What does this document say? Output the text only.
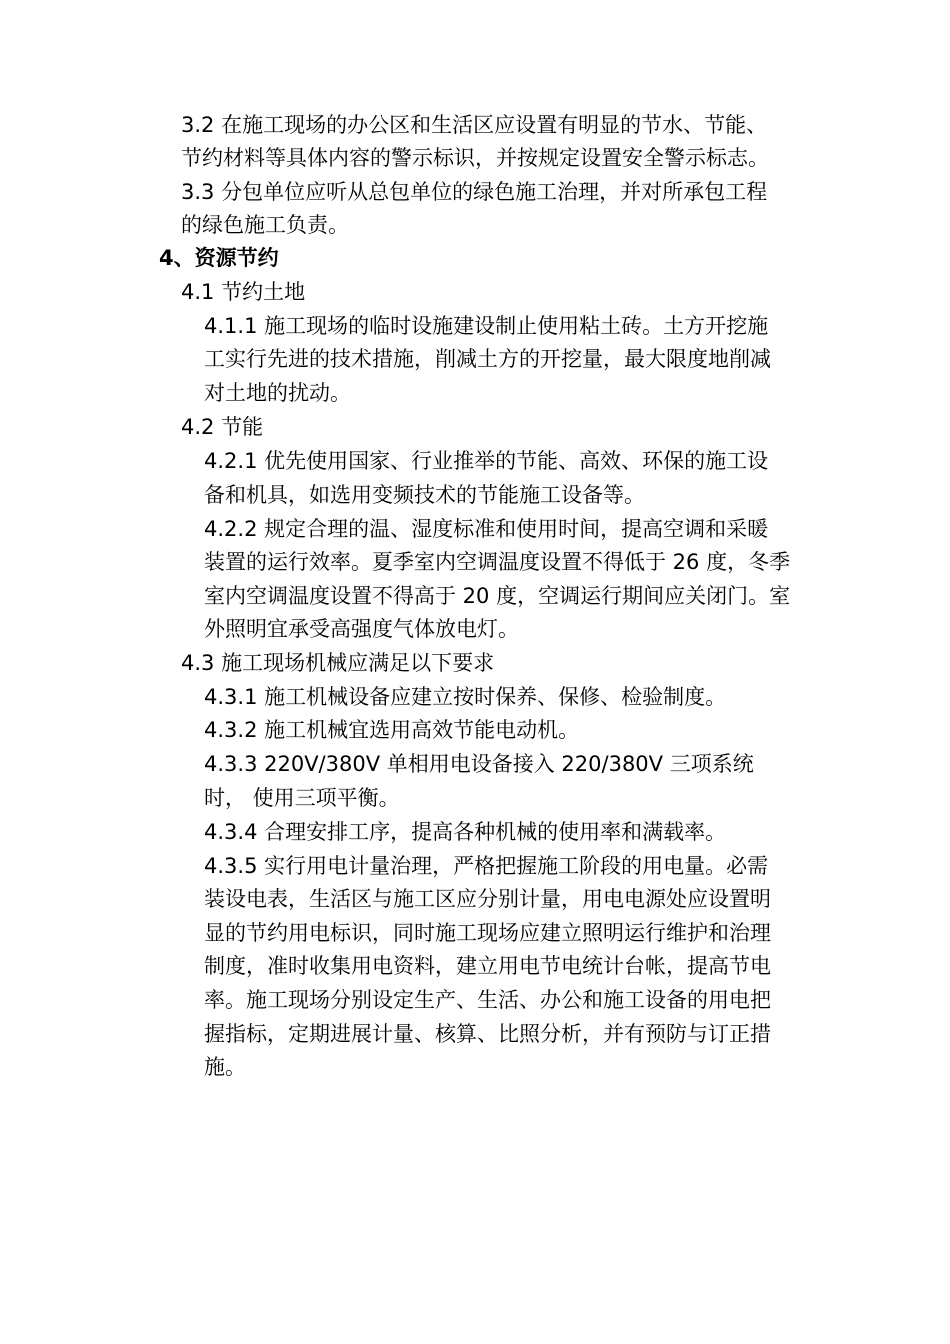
3.2 在施工现场的办公区和生活区应设置有明显的节水、节能、
节约材料等具体内容的警示标识，并按规定设置安全警示标志。
3.3 分包单位应听从总包单位的绿色施工治理，并对所承包工程
的绿色施工负责。
4、资源节约
4.1 节约土地
4.1.1 施工现场的临时设施建设制止使用粘土砖。土方开挖施
工实行先进的技术措施，削减土方的开挖量，最大限度地削减
对土地的扰动。
4.2 节能
4.2.1 优先使用国家、行业推举的节能、高效、环保的施工设
备和机具，如选用变频技术的节能施工设备等。
4.2.2 规定合理的温、湿度标准和使用时间，提高空调和采暖
装置的运行效率。夏季室内空调温度设置不得低于 26 度，冬季
室内空调温度设置不得高于 20 度，空调运行期间应关闭门。室
外照明宜承受高强度气体放电灯。
4.3 施工现场机械应满足以下要求
4.3.1 施工机械设备应建立按时保养、保修、检验制度。
4.3.2 施工机械宜选用高效节能电动机。
4.3.3 220V/380V 单相用电设备接入 220/380V 三项系统
时， 使用三项平衡。
4.3.4 合理安排工序，提高各种机械的使用率和满载率。
4.3.5 实行用电计量治理，严格把握施工阶段的用电量。必需
装设电表，生活区与施工区应分别计量，用电电源处应设置明
显的节约用电标识，同时施工现场应建立照明运行维护和治理
制度，准时收集用电资料，建立用电节电统计台帐，提高节电
率。施工现场分别设定生产、生活、办公和施工设备的用电把
握指标，定期进展计量、核算、比照分析，并有预防与订正措
施。
